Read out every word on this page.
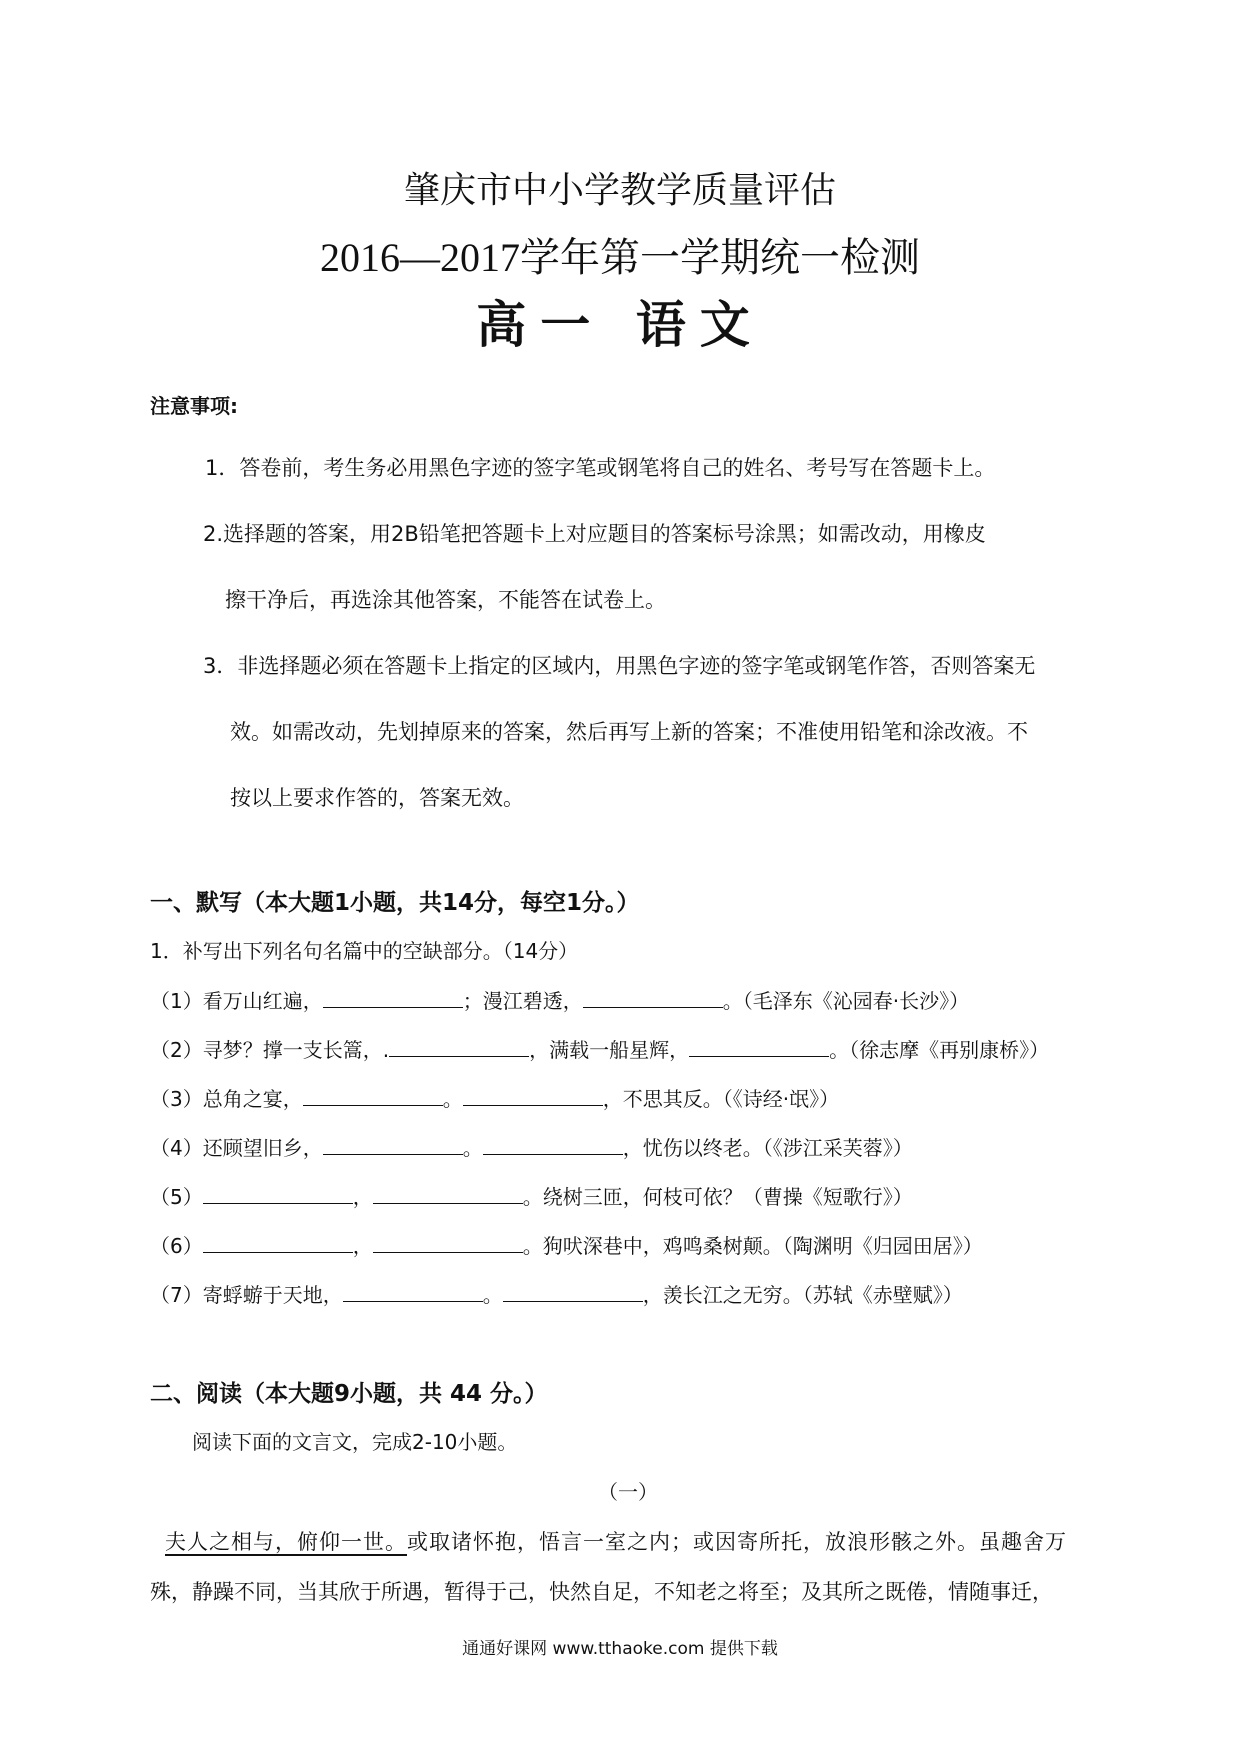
肇庆市中小学教学质量评估
2016—2017学年第一学期统一检测
高一 语文
注意事项:
1．答卷前，考生务必用黑色字迹的签字笔或钢笔将自己的姓名、考号写在答题卡上。
2.选择题的答案，用2B铅笔把答题卡上对应题目的答案标号涂黑；如需改动，用橡皮
擦干净后，再选涂其他答案，不能答在试卷上。
3．非选择题必须在答题卡上指定的区域内，用黑色字迹的签字笔或钢笔作答，否则答案无
效。如需改动，先划掉原来的答案，然后再写上新的答案；不准使用铅笔和涂改液。不
按以上要求作答的，答案无效。
一、默写（本大题1小题，共14分，每空1分。）
1．补写出下列名句名篇中的空缺部分。（14分）
（1）看万山红遍，	；漫江碧透，	。（毛泽东《沁园春·长沙》）
（2）寻梦？撑一支长篙，.	，满载一船星辉，	。（徐志摩《再别康桥》）
（3）总角之宴，	。	，不思其反。（《诗经·氓》）
（4）还顾望旧乡，	。	，忧伤以终老。（《涉江采芙蓉》）
（5）	，	。绕树三匝，何枝可依？（曹操《短歌行》）
（6）	，	。狗吠深巷中，鸡鸣桑树颠。（陶渊明《归园田居》）
（7）寄蜉蝣于天地，	。	，羡长江之无穷。（苏轼《赤壁赋》）
二、阅读（本大题9小题，共 44 分。）
阅读下面的文言文，完成2-10小题。
（一）
夫人之相与，俯仰一世。或取诸怀抱，悟言一室之内；或因寄所托，放浪形骸之外。虽趣舍万
殊，静躁不同，当其欣于所遇，暂得于己，快然自足，不知老之将至；及其所之既倦，情随事迁，
通通好课网 www.tthaoke.com 提供下载
